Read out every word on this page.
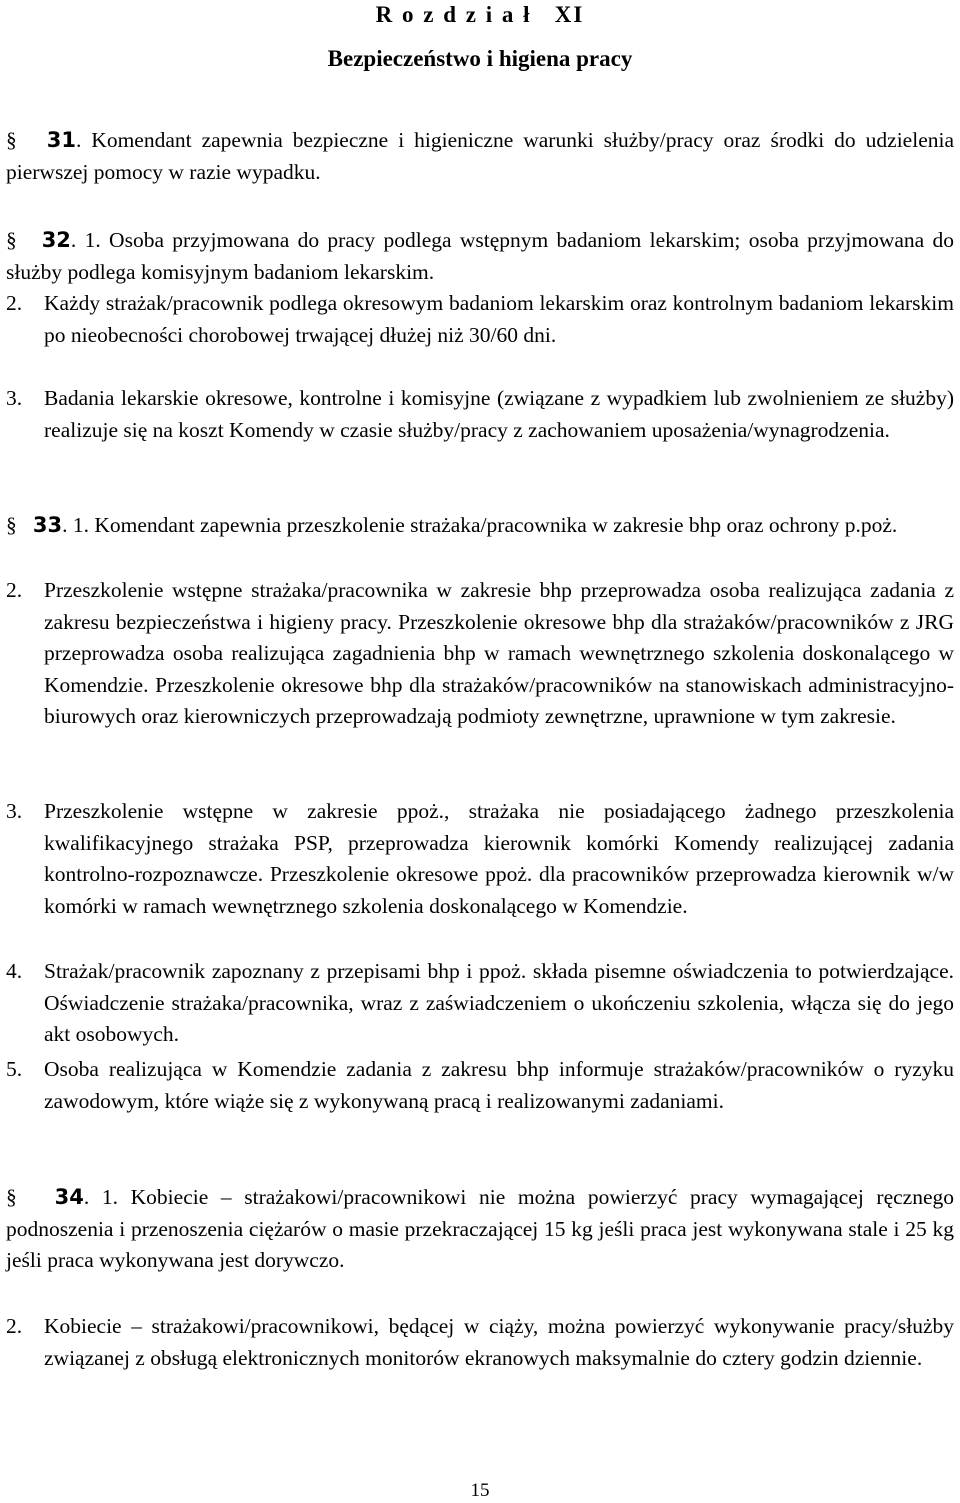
R o z d z i a ł   XI
Bezpieczeństwo i higiena pracy
§ 31. Komendant zapewnia bezpieczne i higieniczne warunki służby/pracy oraz środki do udzielenia pierwszej pomocy w razie wypadku.
§ 32. 1. Osoba przyjmowana do pracy podlega wstępnym badaniom lekarskim; osoba przyjmowana do służby podlega komisyjnym badaniom lekarskim.
2. Każdy strażak/pracownik podlega okresowym badaniom lekarskim oraz kontrolnym badaniom lekarskim po nieobecności chorobowej trwającej dłużej niż 30/60 dni.
3. Badania lekarskie okresowe, kontrolne i komisyjne (związane z wypadkiem lub zwolnieniem ze służby) realizuje się na koszt Komendy w czasie służby/pracy z zachowaniem uposażenia/wynagrodzenia.
§ 33. 1. Komendant zapewnia przeszkolenie strażaka/pracownika w zakresie bhp oraz ochrony p.poż.
2. Przeszkolenie wstępne strażaka/pracownika w zakresie bhp przeprowadza osoba realizująca zadania z zakresu bezpieczeństwa i higieny pracy. Przeszkolenie okresowe bhp dla strażaków/pracowników z JRG przeprowadza osoba realizująca zagadnienia bhp w ramach wewnętrznego szkolenia doskonalącego w Komendzie. Przeszkolenie okresowe bhp dla strażaków/pracowników na stanowiskach administracyjno-biurowych oraz kierowniczych przeprowadzają podmioty zewnętrzne, uprawnione w tym zakresie.
3. Przeszkolenie wstępne w zakresie ppoż., strażaka nie posiadającego żadnego przeszkolenia kwalifikacyjnego strażaka PSP, przeprowadza kierownik komórki Komendy realizującej zadania kontrolno-rozpoznawcze. Przeszkolenie okresowe ppoż. dla pracowników przeprowadza kierownik w/w komórki w ramach wewnętrznego szkolenia doskonalącego w Komendzie.
4. Strażak/pracownik zapoznany z przepisami bhp i ppoż. składa pisemne oświadczenia to potwierdzające. Oświadczenie strażaka/pracownika, wraz z zaświadczeniem o ukończeniu szkolenia, włącza się do jego akt osobowych.
5. Osoba realizująca w Komendzie zadania z zakresu bhp informuje strażaków/pracowników o ryzyku zawodowym, które wiąże się z wykonywaną pracą i realizowanymi zadaniami.
§ 34. 1. Kobiecie – strażakowi/pracownikowi nie można powierzyć pracy wymagającej ręcznego podnoszenia i przenoszenia ciężarów o masie przekraczającej 15 kg jeśli praca jest wykonywana stale i 25 kg jeśli praca wykonywana jest dorywczo.
2. Kobiecie – strażakowi/pracownikowi, będącej w ciąży, można powierzyć wykonywanie pracy/służby związanej z obsługą elektronicznych monitorów ekranowych maksymalnie do cztery godzin dziennie.
15
